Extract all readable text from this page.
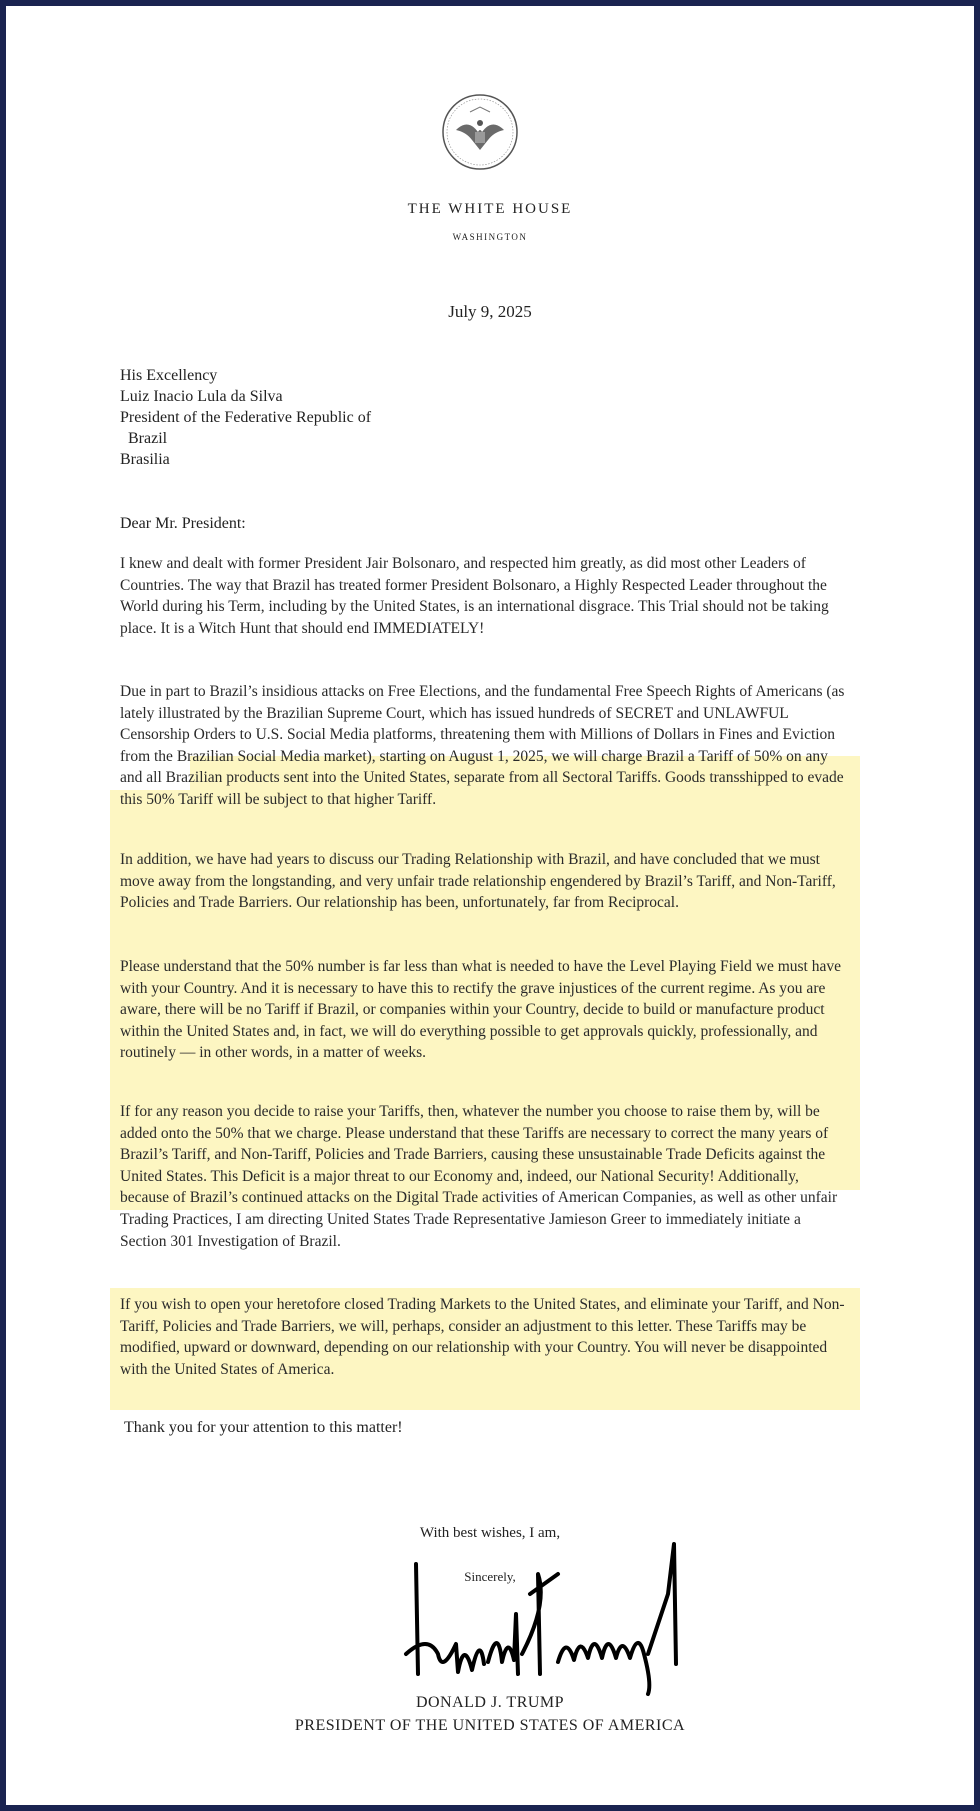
THE WHITE HOUSE
WASHINGTON
July 9, 2025
His Excellency
Luiz Inacio Lula da Silva
President of the Federative Republic of
Brazil
Brasilia
Dear Mr. President:
I knew and dealt with former President Jair Bolsonaro, and respected him greatly, as did most other Leaders of Countries. The way that Brazil has treated former President Bolsonaro, a Highly Respected Leader throughout the World during his Term, including by the United States, is an international disgrace. This Trial should not be taking place. It is a Witch Hunt that should end IMMEDIATELY!
Due in part to Brazil’s insidious attacks on Free Elections, and the fundamental Free Speech Rights of Americans (as lately illustrated by the Brazilian Supreme Court, which has issued hundreds of SECRET and UNLAWFUL Censorship Orders to U.S. Social Media platforms, threatening them with Millions of Dollars in Fines and Eviction from the Brazilian Social Media market), starting on August 1, 2025, we will charge Brazil a Tariff of 50% on any and all Brazilian products sent into the United States, separate from all Sectoral Tariffs. Goods transshipped to evade this 50% Tariff will be subject to that higher Tariff.
In addition, we have had years to discuss our Trading Relationship with Brazil, and have concluded that we must move away from the longstanding, and very unfair trade relationship engendered by Brazil’s Tariff, and Non-Tariff, Policies and Trade Barriers. Our relationship has been, unfortunately, far from Reciprocal.
Please understand that the 50% number is far less than what is needed to have the Level Playing Field we must have with your Country. And it is necessary to have this to rectify the grave injustices of the current regime. As you are aware, there will be no Tariff if Brazil, or companies within your Country, decide to build or manufacture product within the United States and, in fact, we will do everything possible to get approvals quickly, professionally, and routinely — in other words, in a matter of weeks.
If for any reason you decide to raise your Tariffs, then, whatever the number you choose to raise them by, will be added onto the 50% that we charge. Please understand that these Tariffs are necessary to correct the many years of Brazil’s Tariff, and Non-Tariff, Policies and Trade Barriers, causing these unsustainable Trade Deficits against the United States. This Deficit is a major threat to our Economy and, indeed, our National Security! Additionally, because of Brazil’s continued attacks on the Digital Trade activities of American Companies, as well as other unfair Trading Practices, I am directing United States Trade Representative Jamieson Greer to immediately initiate a Section 301 Investigation of Brazil.
If you wish to open your heretofore closed Trading Markets to the United States, and eliminate your Tariff, and Non-Tariff, Policies and Trade Barriers, we will, perhaps, consider an adjustment to this letter. These Tariffs may be modified, upward or downward, depending on our relationship with your Country. You will never be disappointed with the United States of America.
Thank you for your attention to this matter!
With best wishes, I am,
Sincerely,
DONALD J. TRUMP
PRESIDENT OF THE UNITED STATES OF AMERICA
